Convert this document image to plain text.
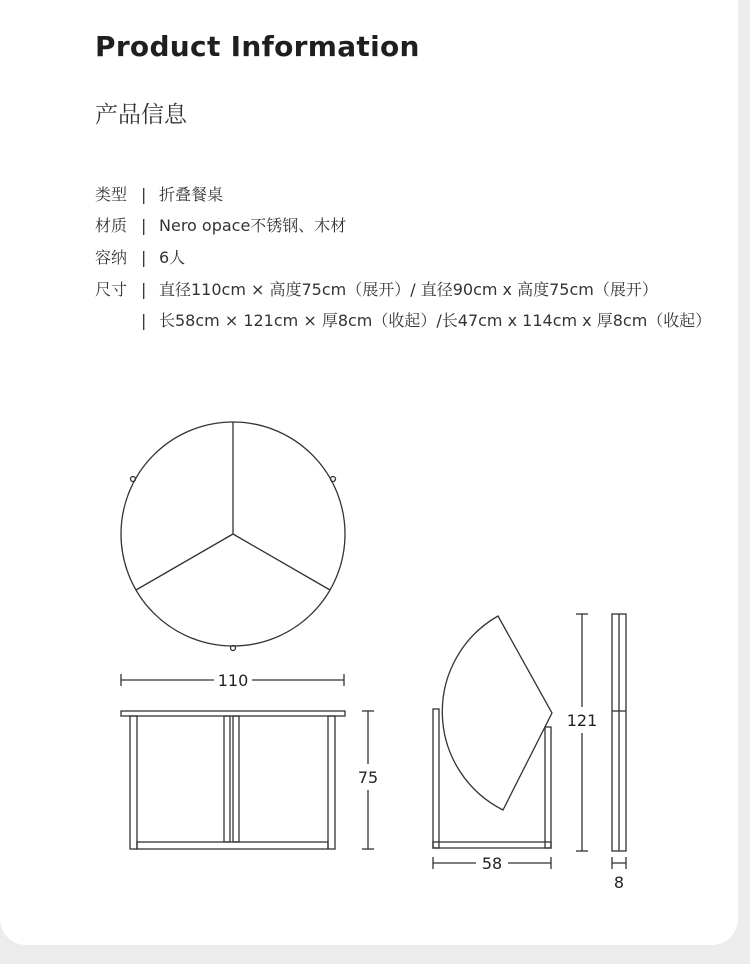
Product Information
产品信息
类型 | 折叠餐桌
材质 | Nero opace不锈钢、木材
容纳 | 6人
尺寸 | 直径110cm × 高度75cm（展开）/ 直径90cm x 高度75cm（展开）
| 长58cm × 121cm × 厚8cm（收起）/长47cm x 114cm x 厚8cm（收起）
110
75
58
121
8
